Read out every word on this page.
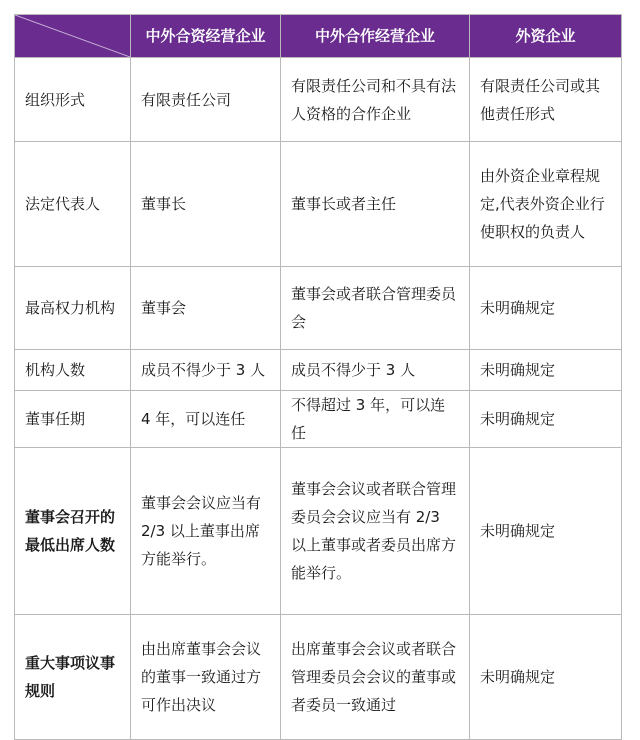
	中外合资经营企业	中外合作经营企业	外资企业
组织形式	有限责任公司	有限责任公司和不具有法人资格的合作企业	有限责任公司或其他责任形式
法定代表人	董事长	董事长或者主任	由外资企业章程规定,代表外资企业行使职权的负责人
最高权力机构	董事会	董事会或者联合管理委员会	未明确规定
机构人数	成员不得少于 3 人	成员不得少于 3 人	未明确规定
董事任期	4 年，可以连任	不得超过 3 年，可以连任	未明确规定
董事会召开的最低出席人数	董事会会议应当有 2/3 以上董事出席方能举行。	董事会会议或者联合管理委员会会议应当有 2/3 以上董事或者委员出席方能举行。	未明确规定
重大事项议事规则	由出席董事会会议的董事一致通过方可作出决议	出席董事会会议或者联合管理委员会会议的董事或者委员一致通过	未明确规定
